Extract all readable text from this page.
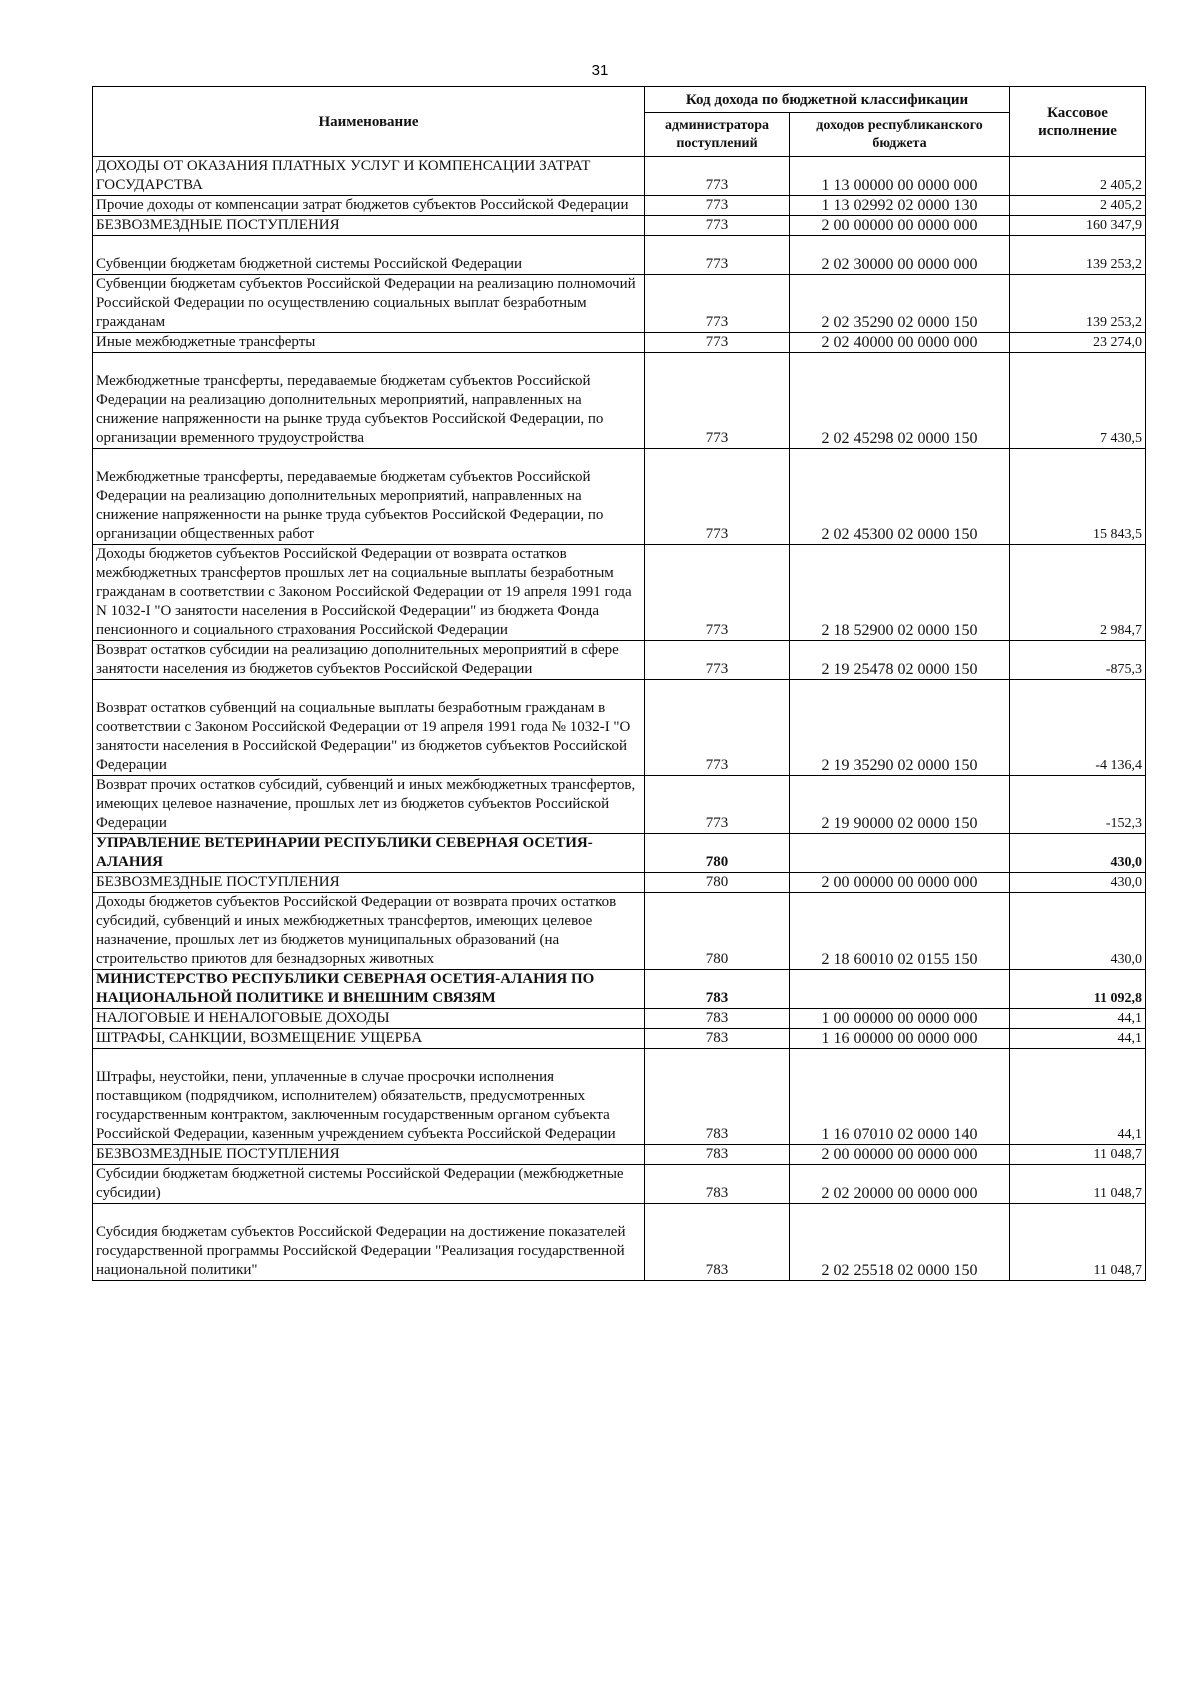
31
Наименование	Код дохода по бюджетной классификации		Кассовое исполнение
	администратора поступлений	доходов республиканского бюджета	
ДОХОДЫ ОТ ОКАЗАНИЯ ПЛАТНЫХ УСЛУГ И КОМПЕНСАЦИИ ЗАТРАТ ГОСУДАРСТВА	773	1 13 00000 00 0000 000	2 405,2
Прочие доходы от компенсации затрат бюджетов субъектов Российской Федерации	773	1 13 02992 02 0000 130	2 405,2
БЕЗВОЗМЕЗДНЫЕ ПОСТУПЛЕНИЯ	773	2 00 00000 00 0000 000	160 347,9

Субвенции бюджетам бюджетной системы Российской Федерации	773	2 02 30000 00 0000 000	139 253,2
Субвенции бюджетам субъектов Российской Федерации на реализацию полномочий Российской Федерации по осуществлению социальных выплат безработным гражданам	773	2 02 35290 02 0000 150	139 253,2
Иные межбюджетные трансферты	773	2 02 40000 00 0000 000	23 274,0

Межбюджетные трансферты, передаваемые бюджетам субъектов Российской Федерации на реализацию дополнительных мероприятий, направленных на снижение напряженности на рынке труда субъектов Российской Федерации, по организации временного трудоустройства	773	2 02 45298 02 0000 150	7 430,5

Межбюджетные трансферты, передаваемые бюджетам субъектов Российской Федерации на реализацию дополнительных мероприятий, направленных на снижение напряженности на рынке труда субъектов Российской Федерации, по организации общественных работ	773	2 02 45300 02 0000 150	15 843,5
Доходы бюджетов субъектов Российской Федерации от возврата остатков межбюджетных трансфертов прошлых лет на социальные выплаты безработным гражданам в соответствии с Законом Российской Федерации от 19 апреля 1991 года N 1032-I "О занятости населения в Российской Федерации" из бюджета Фонда пенсионного и социального страхования Российской Федерации	773	2 18 52900 02 0000 150	2 984,7
Возврат остатков субсидии на реализацию дополнительных мероприятий в сфере занятости населения из бюджетов субъектов Российской Федерации	773	2 19 25478 02 0000 150	-875,3

Возврат остатков субвенций на социальные выплаты безработным гражданам в соответствии с Законом Российской Федерации от 19 апреля 1991 года № 1032-I "О занятости населения в Российской Федерации" из бюджетов субъектов Российской Федерации	773	2 19 35290 02 0000 150	-4 136,4
Возврат прочих остатков субсидий, субвенций и иных межбюджетных трансфертов, имеющих целевое назначение, прошлых лет из бюджетов субъектов Российской Федерации	773	2 19 90000 02 0000 150	-152,3
УПРАВЛЕНИЕ ВЕТЕРИНАРИИ РЕСПУБЛИКИ СЕВЕРНАЯ ОСЕТИЯ-АЛАНИЯ	780		430,0
БЕЗВОЗМЕЗДНЫЕ ПОСТУПЛЕНИЯ	780	2 00 00000 00 0000 000	430,0
Доходы бюджетов субъектов Российской Федерации от возврата прочих остатков субсидий, субвенций и иных межбюджетных трансфертов, имеющих целевое назначение, прошлых лет из бюджетов муниципальных образований (на строительство приютов для безнадзорных животных	780	2 18 60010 02 0155 150	430,0
МИНИСТЕРСТВО РЕСПУБЛИКИ СЕВЕРНАЯ ОСЕТИЯ-АЛАНИЯ ПО НАЦИОНАЛЬНОЙ ПОЛИТИКЕ И ВНЕШНИМ СВЯЗЯМ	783		11 092,8
НАЛОГОВЫЕ И НЕНАЛОГОВЫЕ ДОХОДЫ	783	1 00 00000 00 0000 000	44,1
ШТРАФЫ, САНКЦИИ, ВОЗМЕЩЕНИЕ УЩЕРБА	783	1 16 00000 00 0000 000	44,1

Штрафы, неустойки, пени, уплаченные в случае просрочки исполнения поставщиком (подрядчиком, исполнителем) обязательств, предусмотренных государственным контрактом, заключенным государственным органом субъекта Российской Федерации, казенным учреждением субъекта Российской Федерации	783	1 16 07010 02 0000 140	44,1
БЕЗВОЗМЕЗДНЫЕ ПОСТУПЛЕНИЯ	783	2 00 00000 00 0000 000	11 048,7
Субсидии бюджетам бюджетной системы Российской Федерации (межбюджетные субсидии)	783	2 02 20000 00 0000 000	11 048,7

Субсидия бюджетам субъектов Российской Федерации на достижение показателей государственной программы Российской Федерации "Реализация государственной национальной политики"	783	2 02 25518 02 0000 150	11 048,7
